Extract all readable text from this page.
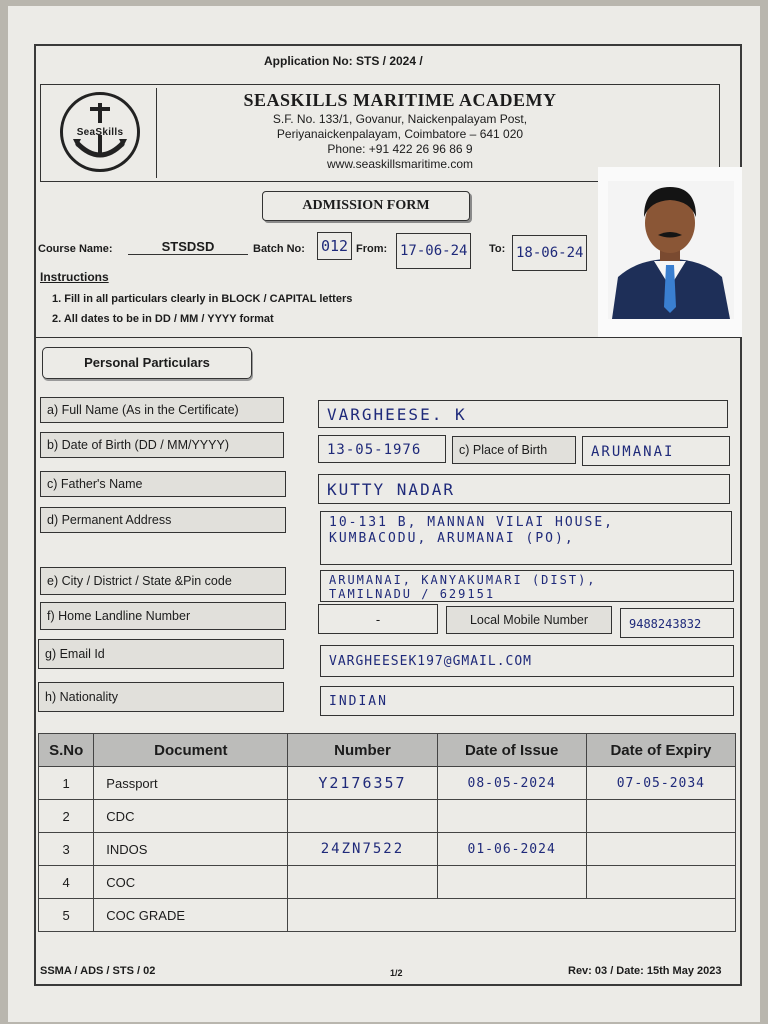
Application No: STS / 2024 /
SeaSkills
SEASKILLS MARITIME ACADEMY
S.F. No. 133/1, Govanur, Naickenpalayam Post,
Periyanaickenpalayam, Coimbatore – 641 020
Phone: +91 422 26 96 86 9
www.seaskillsmaritime.com
ADMISSION FORM
Course Name:	STSDSD	Batch No: 012 From: 17-06-24	To: 18-06-24
Instructions
1. Fill in all particulars clearly in BLOCK / CAPITAL letters
2. All dates to be in DD / MM / YYYY format
Personal Particulars
a) Full Name (As in the Certificate)	VARGHEESE. K
b) Date of Birth (DD / MM/YYYY)	13-05-1976	c) Place of Birth	ARUMANAI
c) Father's Name	KUTTY NADAR
d) Permanent Address	10-131 B, MANNAN VILAI HOUSE,
KUMBACODU, ARUMANAI (PO),
e) City / District / State &Pin code	ARUMANAI, KANYAKUMARI (DIST),
TAMILNADU / 629151
f) Home Landline Number	-	Local Mobile Number	9488243832
g) Email Id	VARGHEESEK197@GMAIL.COM
h) Nationality	INDIAN
S.No	Document	Number	Date of Issue	Date of Expiry
1	Passport	Y2176357	08-05-2024	07-05-2034
2	CDC			
3	INDOS	24ZN7522	01-06-2024	
4	COC			
5	COC GRADE			
SSMA / ADS / STS / 02	1/2	Rev: 03 / Date: 15th May 2023
